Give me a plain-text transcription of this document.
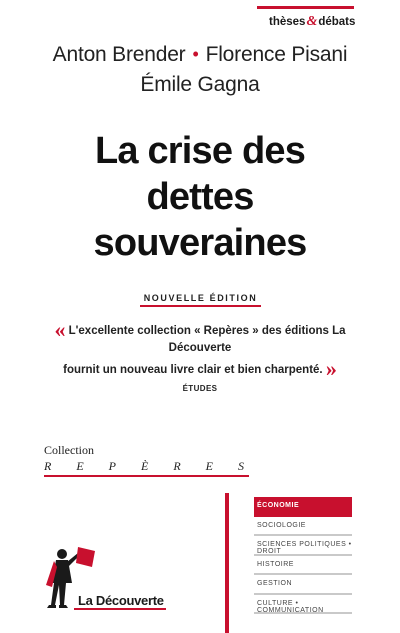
thèses&débats
Anton Brender • Florence Pisani
Émile Gagna
La crise des
dettes
souveraines
NOUVELLE ÉDITION
« L'excellente collection « Repères » des éditions La Découverte
fournit un nouveau livre clair et bien charpenté. »
ÉTUDES
Collection
R E P È R E S
ÉCONOMIE
SOCIOLOGIE
SCIENCES POLITIQUES • DROIT
HISTOIRE
GESTION
CULTURE • COMMUNICATION
La Découverte
